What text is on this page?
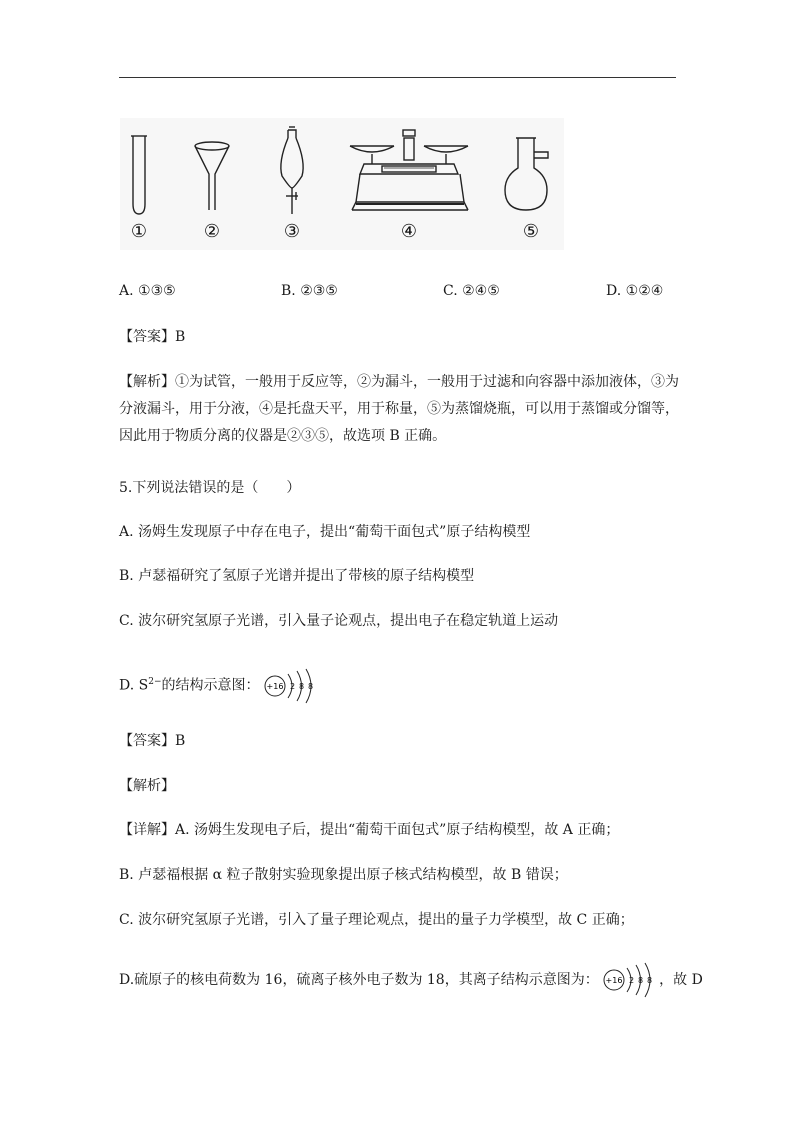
①	②	③	④	⑤
A. ①③⑤	B. ②③⑤	C. ②④⑤	D. ①②④
【答案】B
【解析】①为试管，一般用于反应等，②为漏斗，一般用于过滤和向容器中添加液体，③为分液漏斗，用于分液，④是托盘天平，用于称量，⑤为蒸馏烧瓶，可以用于蒸馏或分馏等，因此用于物质分离的仪器是②③⑤，故选项 B 正确。
5.下列说法错误的是（　　）
A. 汤姆生发现原子中存在电子，提出“葡萄干面包式”原子结构模型
B. 卢瑟福研究了氢原子光谱并提出了带核的原子结构模型
C. 波尔研究氢原子光谱，引入量子论观点，提出电子在稳定轨道上运动
D. $S^{2-}$的结构示意图： +16 2 8 8
【答案】B
【解析】
【详解】A. 汤姆生发现电子后，提出“葡萄干面包式”原子结构模型，故 A 正确；
B. 卢瑟福根据 α 粒子散射实验现象提出原子核式结构模型，故 B 错误；
C. 波尔研究氢原子光谱，引入了量子理论观点，提出的量子力学模型，故 C 正确；
D.硫原子的核电荷数为 16，硫离子核外电子数为 18，其离子结构示意图为： +16 2 8 8 ，故 D
